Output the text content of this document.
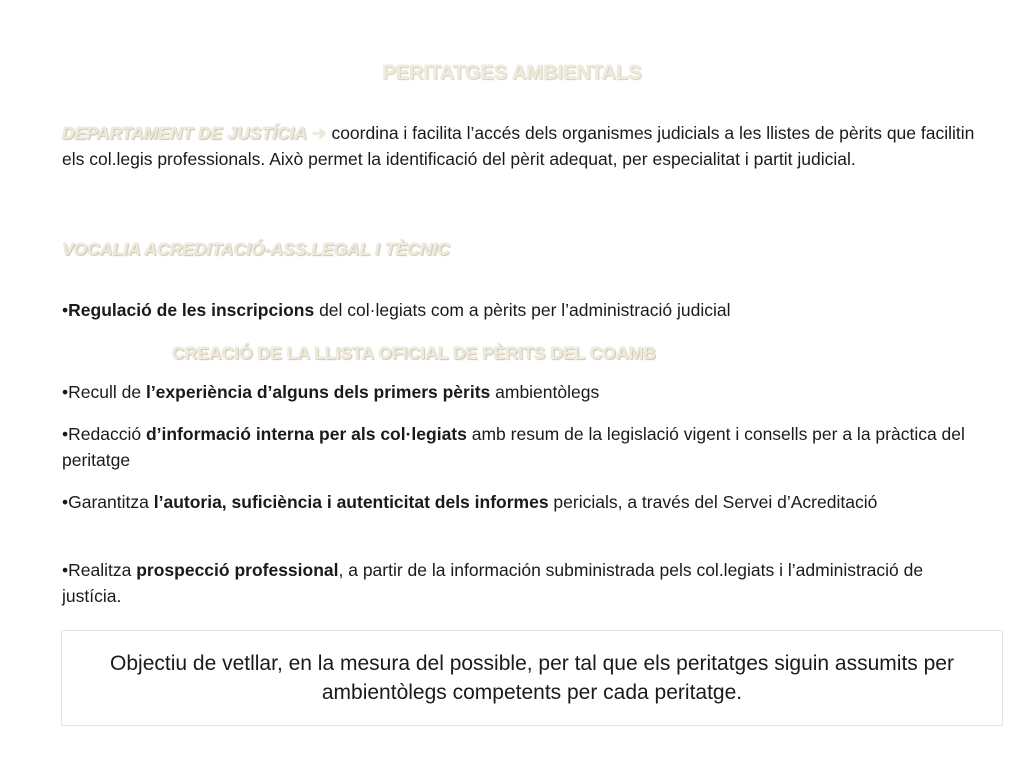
PERITATGES AMBIENTALS

DEPARTAMENT DE JUSTÍCIA ➔ coordina i facilita l’accés dels organismes judicials a les llistes de pèrits que facilitin els col.legis professionals. Això permet la identificació del pèrit adequat, per especialitat i partit judicial.

VOCALIA ACREDITACIÓ-ASS.LEGAL I TÈCNIC

•Regulació de les inscripcions del col·legiats com a pèrits per l’administració judicial

CREACIÓ DE LA LLISTA OFICIAL DE PÈRITS DEL COAMB

•Recull de l’experiència d’alguns dels primers pèrits ambientòlegs

•Redacció d’informació interna per als col·legiats amb resum de la legislació vigent i consells per a la pràctica del peritatge

•Garantitza l’autoria, suficiència i autenticitat dels informes pericials, a través del Servei d’Acreditació

•Realitza prospecció professional, a partir de la información subministrada pels col.legiats i l’administració de justícia.

Objectiu de vetllar, en la mesura del possible, per tal que els peritatges siguin assumits per ambientòlegs competents per cada peritatge.
